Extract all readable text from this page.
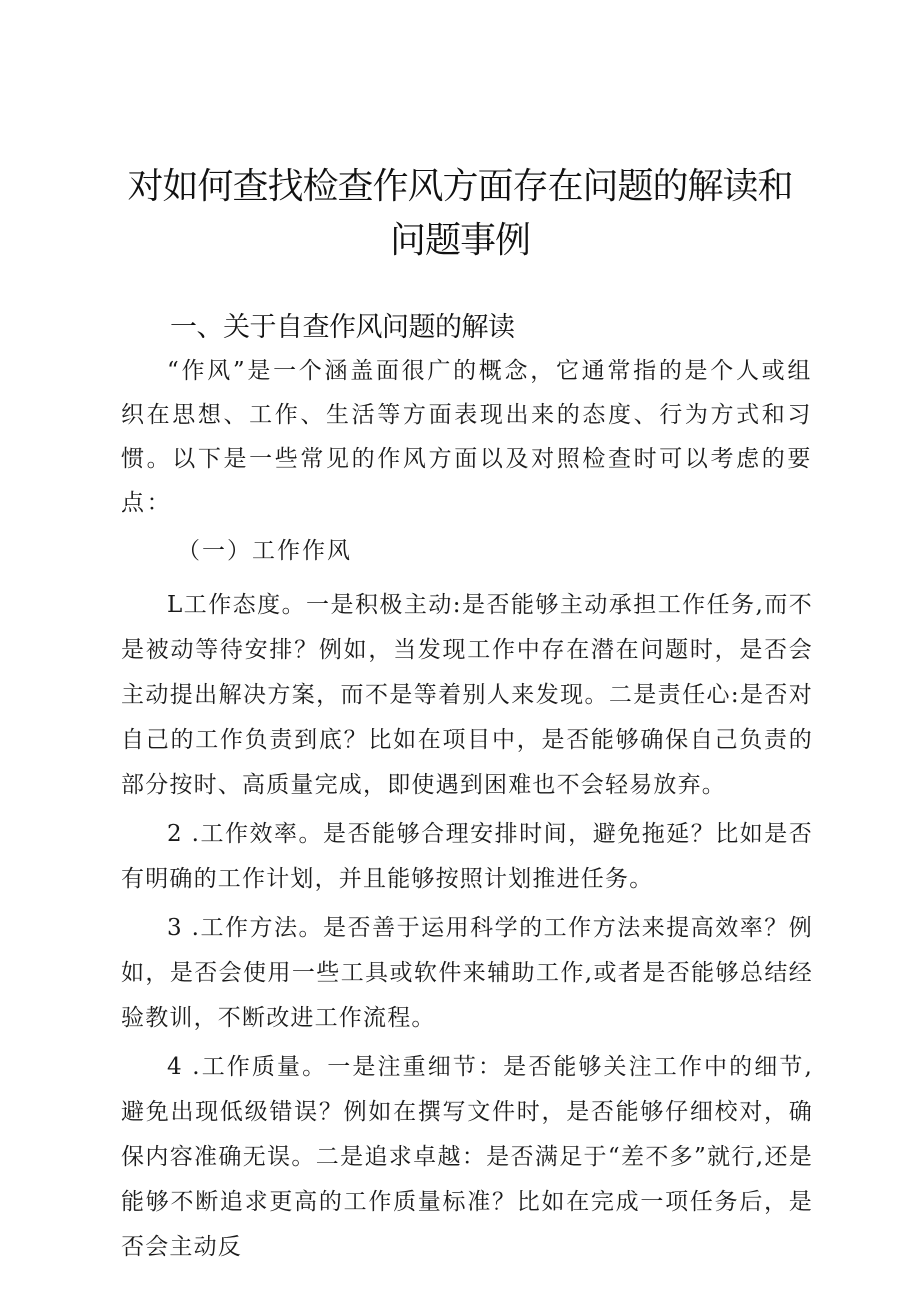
对如何查找检查作风方面存在问题的解读和问题事例
一、关于自查作风问题的解读

“作风”是一个涵盖面很广的概念，它通常指的是个人或组织在思想、工作、生活等方面表现出来的态度、行为方式和习惯。以下是一些常见的作风方面以及对照检查时可以考虑的要点：

（一）工作作风

L工作态度。一是积极主动:是否能够主动承担工作任务,而不是被动等待安排？例如，当发现工作中存在潜在问题时，是否会主动提出解决方案，而不是等着别人来发现。二是责任心:是否对自己的工作负责到底？比如在项目中，是否能够确保自己负责的部分按时、高质量完成，即使遇到困难也不会轻易放弃。

2 .工作效率。是否能够合理安排时间，避免拖延？比如是否有明确的工作计划，并且能够按照计划推进任务。

3 .工作方法。是否善于运用科学的工作方法来提高效率？例如，是否会使用一些工具或软件来辅助工作,或者是否能够总结经验教训，不断改进工作流程。

4 .工作质量。一是注重细节：是否能够关注工作中的细节,避免出现低级错误？例如在撰写文件时，是否能够仔细校对，确保内容准确无误。二是追求卓越：是否满足于“差不多”就行,还是能够不断追求更高的工作质量标准？比如在完成一项任务后，是否会主动反
